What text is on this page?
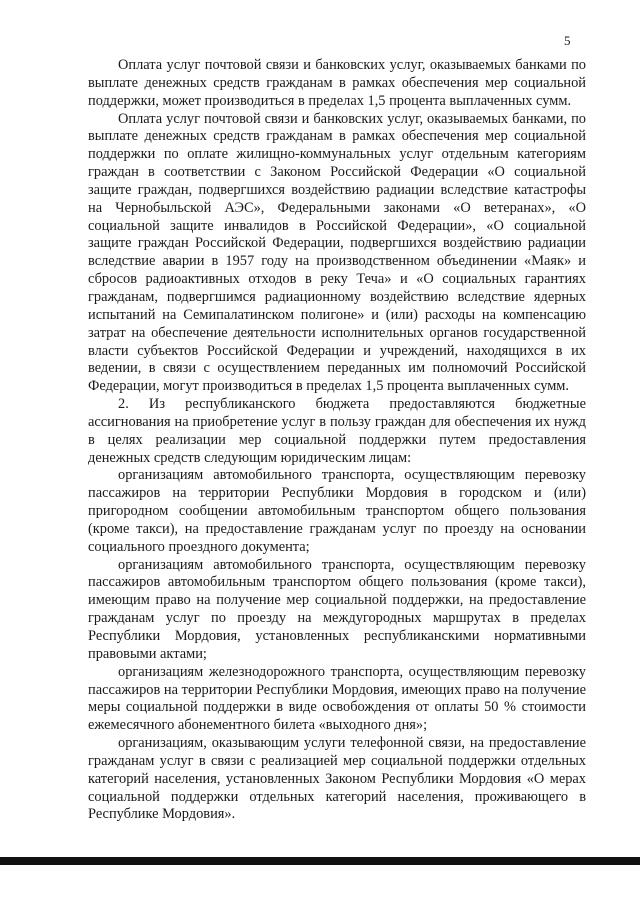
5

Оплата услуг почтовой связи и банковских услуг, оказываемых банками по выплате денежных средств гражданам в рамках обеспечения мер социальной поддержки, может производиться в пределах 1,5 процента выплаченных сумм.

Оплата услуг почтовой связи и банковских услуг, оказываемых банками, по выплате денежных средств гражданам в рамках обеспечения мер социальной поддержки по оплате жилищно-коммунальных услуг отдельным категориям граждан в соответствии с Законом Российской Федерации «О социальной защите граждан, подвергшихся воздействию радиации вследствие катастрофы на Чернобыльской АЭС», Федеральными законами «О ветеранах», «О социальной защите инвалидов в Российской Федерации», «О социальной защите граждан Российской Федерации, подвергшихся воздействию радиации вследствие аварии в 1957 году на производственном объединении «Маяк» и сбросов радиоактивных отходов в реку Теча» и «О социальных гарантиях гражданам, подвергшимся радиационному воздействию вследствие ядерных испытаний на Семипалатинском полигоне» и (или) расходы на компенсацию затрат на обеспечение деятельности исполнительных органов государственной власти субъектов Российской Федерации и учреждений, находящихся в их ведении, в связи с осуществлением переданных им полномочий Российской Федерации, могут производиться в пределах 1,5 процента выплаченных сумм.

2. Из республиканского бюджета предоставляются бюджетные ассигнования на приобретение услуг в пользу граждан для обеспечения их нужд в целях реализации мер социальной поддержки путем предоставления денежных средств следующим юридическим лицам:

организациям автомобильного транспорта, осуществляющим перевозку пассажиров на территории Республики Мордовия в городском и (или) пригородном сообщении автомобильным транспортом общего пользования (кроме такси), на предоставление гражданам услуг по проезду на основании социального проездного документа;

организациям автомобильного транспорта, осуществляющим перевозку пассажиров автомобильным транспортом общего пользования (кроме такси), имеющим право на получение мер социальной поддержки, на предоставление гражданам услуг по проезду на междугородных маршрутах в пределах Республики Мордовия, установленных республиканскими нормативными правовыми актами;

организациям железнодорожного транспорта, осуществляющим перевозку пассажиров на территории Республики Мордовия, имеющих право на получение меры социальной поддержки в виде освобождения от оплаты 50 % стоимости ежемесячного абонементного билета «выходного дня»;

организациям, оказывающим услуги телефонной связи, на предоставление гражданам услуг в связи с реализацией мер социальной поддержки отдельных категорий населения, установленных Законом Республики Мордовия «О мерах социальной поддержки отдельных категорий населения, проживающего в Республике Мордовия».
